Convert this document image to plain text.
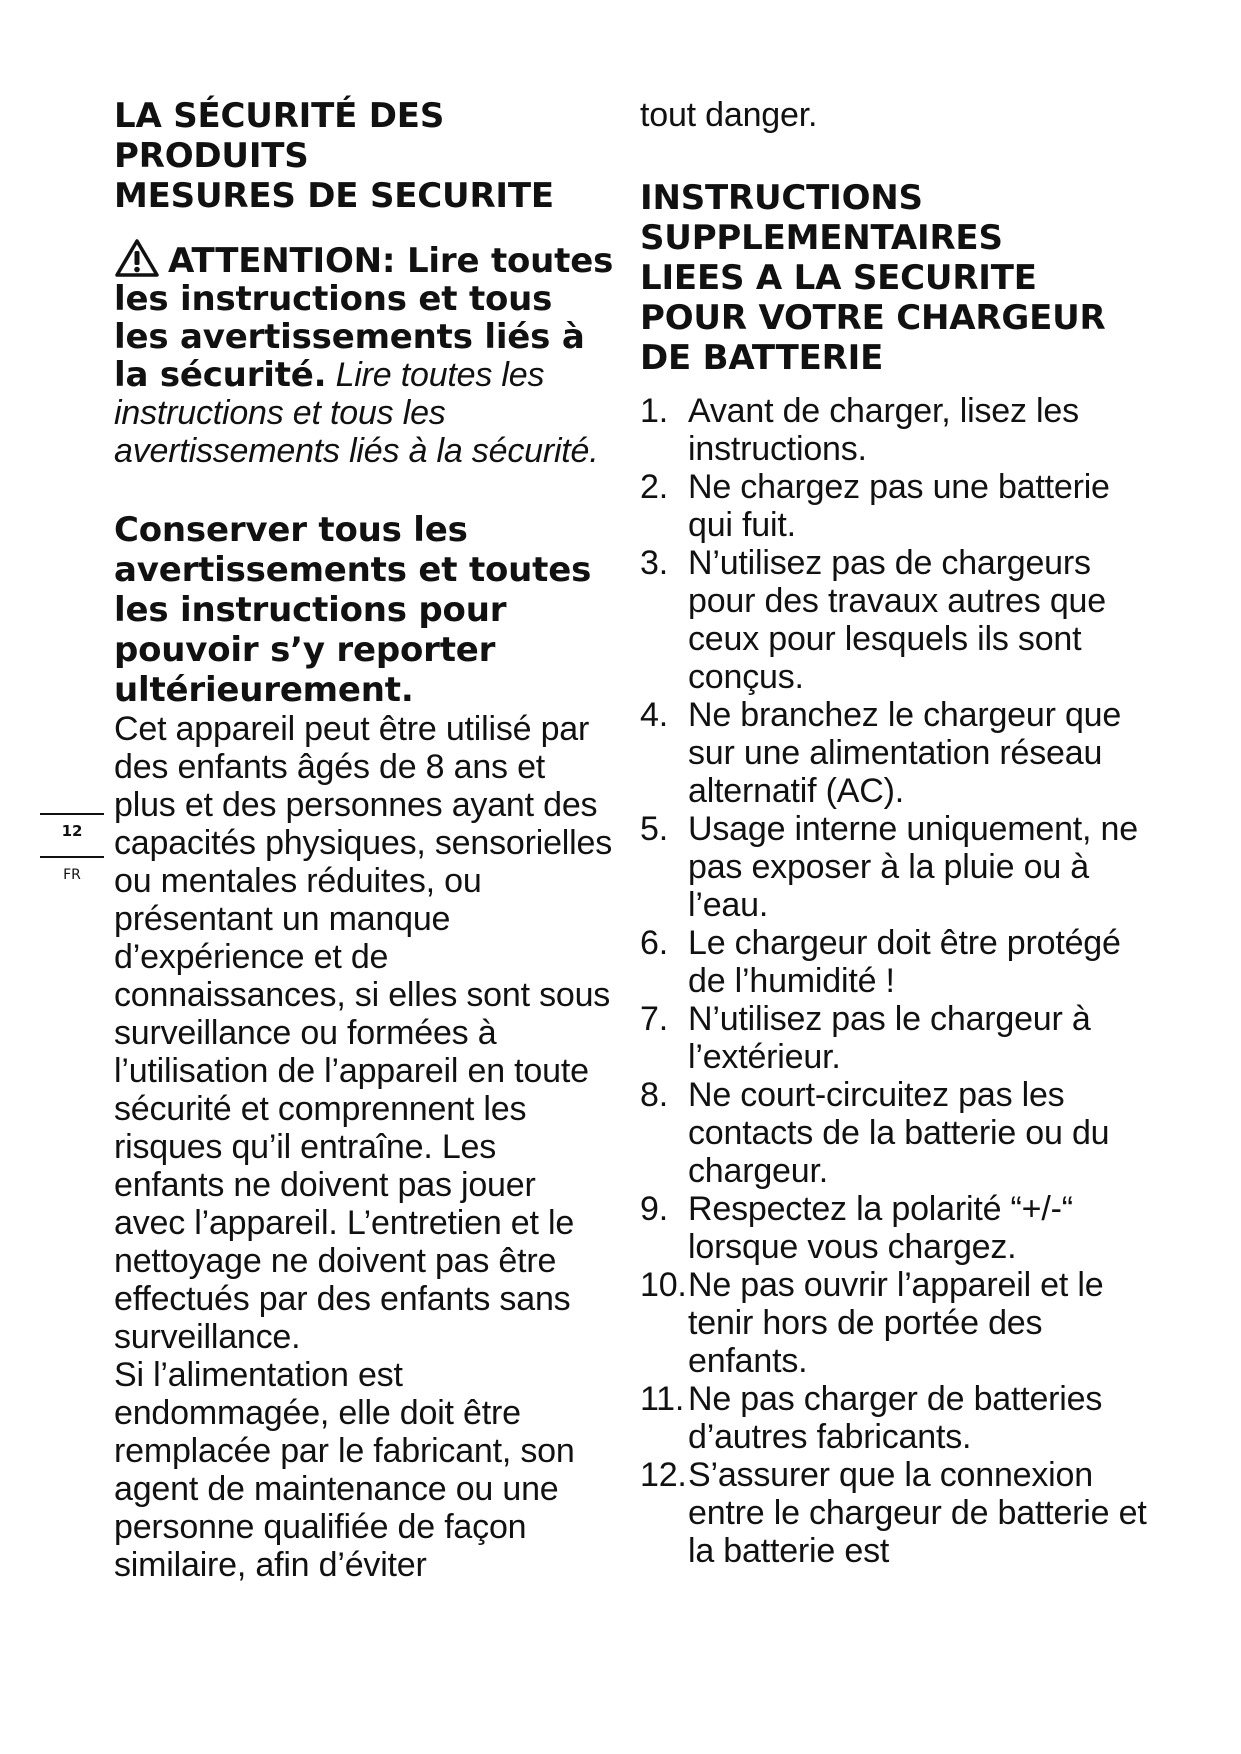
LA SÉCURITÉ DES
PRODUITS
MESURES DE SECURITE

ATTENTION: Lire toutes les instructions et tous les avertissements liés à la sécurité. Lire toutes les instructions et tous les avertissements liés à la sécurité.

Conserver tous les avertissements et toutes les instructions pour pouvoir s’y reporter ultérieurement.

Cet appareil peut être utilisé par des enfants âgés de 8 ans et plus et des personnes ayant des capacités physiques, sensorielles ou mentales réduites, ou présentant un manque d’expérience et de connaissances, si elles sont sous surveillance ou formées à l’utilisation de l’appareil en toute sécurité et comprennent les risques qu’il entraîne. Les enfants ne doivent pas jouer avec l’appareil. L’entretien et le nettoyage ne doivent pas être effectués par des enfants sans surveillance.

Si l’alimentation est endommagée, elle doit être remplacée par le fabricant, son agent de maintenance ou une personne qualifiée de façon similaire, afin d’éviter

tout danger.

INSTRUCTIONS
SUPPLEMENTAIRES
LIEES A LA SECURITE
POUR VOTRE CHARGEUR
DE BATTERIE
1. Avant de charger, lisez les instructions.
2. Ne chargez pas une batterie qui fuit.
3. N’utilisez pas de chargeurs pour des travaux autres que ceux pour lesquels ils sont conçus.
4. Ne branchez le chargeur que sur une alimentation réseau alternatif (AC).
5. Usage interne uniquement, ne pas exposer à la pluie ou à l’eau.
6. Le chargeur doit être protégé de l’humidité !
7. N’utilisez pas le chargeur à l’extérieur.
8. Ne court-circuitez pas les contacts de la batterie ou du chargeur.
9. Respectez la polarité “+/-“ lorsque vous chargez.
10. Ne pas ouvrir l’appareil et le tenir hors de portée des enfants.
11. Ne pas charger de batteries d’autres fabricants.
12. S’assurer que la connexion entre le chargeur de batterie et la batterie est
12
FR
